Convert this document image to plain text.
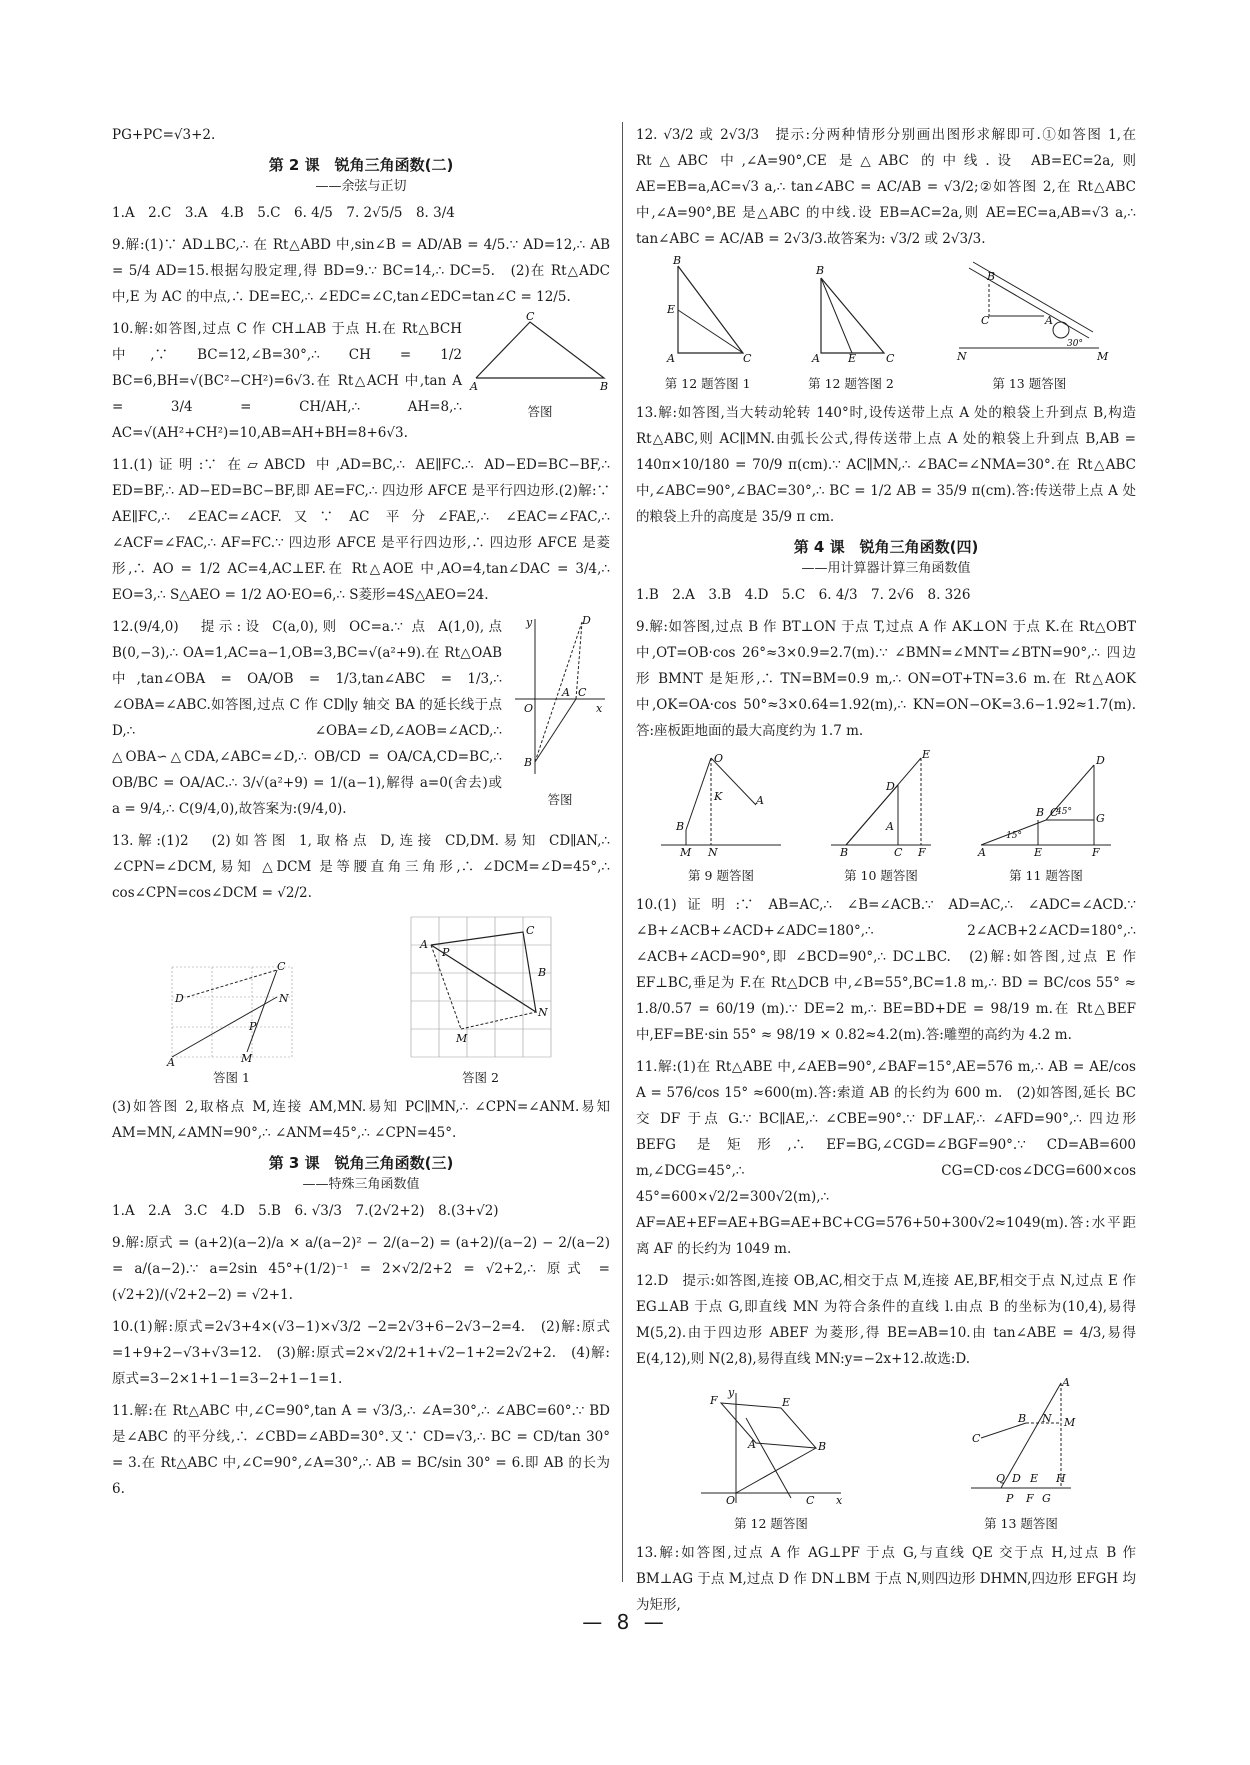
PG+PC=√3+2.

第 2 课　锐角三角函数(二)
——余弦与正切

1.A　2.C　3.A　4.B　5.C　6. 4/5　7. 2√5/5　8. 3/4

9.解:(1)∵ AD⊥BC,∴ 在 Rt△ABD 中,sin∠B = AD/AB = 4/5.∵ AD=12,∴ AB = 5/4 AD=15.根据勾股定理,得 BD=9.∵ BC=14,∴ DC=5.　(2)在 Rt△ADC 中,E 为 AC 的中点,∴ DE=EC,∴ ∠EDC=∠C,tan∠EDC=tan∠C = 12/5.

A
C
B
答图

10.解:如答图,过点 C 作 CH⊥AB 于点 H.在 Rt△BCH 中,∵ BC=12,∠B=30°,∴ CH = 1/2 BC=6,BH=√(BC²−CH²)=6√3.在 Rt△ACH 中,tan A = 3/4 = CH/AH,∴ AH=8,∴ AC=√(AH²+CH²)=10,AB=AH+BH=8+6√3.

11.(1)证明:∵ 在▱ABCD 中,AD=BC,∴ AE∥FC.∴ AD−ED=BC−BF,∴ ED=BF,∴ AD−ED=BC−BF,即 AE=FC,∴ 四边形 AFCE 是平行四边形.(2)解:∵ AE∥FC,∴ ∠EAC=∠ACF.又∵ AC 平分∠FAE,∴ ∠EAC=∠FAC,∴ ∠ACF=∠FAC,∴ AF=FC.∵ 四边形 AFCE 是平行四边形,∴ 四边形 AFCE 是菱形,∴ AO = 1/2 AC=4,AC⊥EF.在 Rt△AOE 中,AO=4,tan∠DAC = 3/4,∴ EO=3,∴ S△AEO = 1/2 AO·EO=6,∴ S菱形=4S△AEO=24.

D
O
A C
x
y
B
答图

12.(9/4,0)　提示:设 C(a,0),则 OC=a.∵ 点 A(1,0),点 B(0,−3),∴ OA=1,AC=a−1,OB=3,BC=√(a²+9).在 Rt△OAB 中,tan∠OBA = OA/OB = 1/3,tan∠ABC = 1/3,∴ ∠OBA=∠ABC.如答图,过点 C 作 CD∥y 轴交 BA 的延长线于点 D,∴ ∠OBA=∠D,∠AOB=∠ACD,∴ △OBA∽△CDA,∠ABC=∠D,∴ OB/CD = OA/CA,CD=BC,∴ OB/BC = OA/AC.∴ 3/√(a²+9) = 1/(a−1),解得 a=0(舍去)或 a = 9/4,∴ C(9/4,0),故答案为:(9/4,0).

13.解:(1)2　(2)如答图 1,取格点 D,连接 CD,DM.易知 CD∥AN,∴ ∠CPN=∠DCM,易知 △DCM 是等腰直角三角形,∴ ∠DCM=∠D=45°,∴ cos∠CPN=cos∠DCM = √2/2.

A
C
D	N
P
M
答图 1
A
C
B
N
P
M
答图 2

(3)如答图 2,取格点 M,连接 AM,MN.易知 PC∥MN,∴ ∠CPN=∠ANM.易知 AM=MN,∠AMN=90°,∴ ∠ANM=45°,∴ ∠CPN=45°.

第 3 课　锐角三角函数(三)
——特殊三角函数值

1.A　2.A　3.C　4.D　5.B　6. √3/3　7.(2√2+2)　8.(3+√2)

9.解:原式 = (a+2)(a−2)/a × a/(a−2)² − 2/(a−2) = (a+2)/(a−2) − 2/(a−2) = a/(a−2).∵ a=2sin 45°+(1/2)⁻¹ = 2×√2/2+2 = √2+2,∴ 原式 = (√2+2)/(√2+2−2) = √2+1.

10.(1)解:原式=2√3+4×(√3−1)×√3/2 −2=2√3+6−2√3−2=4.　(2)解:原式=1+9+2−√3+√3=12.　(3)解:原式=2×√2/2+1+√2−1+2=2√2+2.　(4)解:原式=3−2×1+1−1=3−2+1−1=1.

11.解:在 Rt△ABC 中,∠C=90°,tan A = √3/3,∴ ∠A=30°,∴ ∠ABC=60°.∵ BD 是∠ABC 的平分线,∴ ∠CBD=∠ABD=30°.又∵ CD=√3,∴ BC = CD/tan 30° = 3.在 Rt△ABC 中,∠C=90°,∠A=30°,∴ AB = BC/sin 30° = 6.即 AB 的长为 6.

12. √3/2 或 2√3/3　提示:分两种情形分别画出图形求解即可.①如答图 1,在 Rt△ABC 中,∠A=90°,CE 是△ABC 的中线.设 AB=EC=2a,则 AE=EB=a,AC=√3 a,∴ tan∠ABC = AC/AB = √3/2;②如答图 2,在 Rt△ABC 中,∠A=90°,BE 是△ABC 的中线.设 EB=AC=2a,则 AE=EC=a,AB=√3 a,∴ tan∠ABC = AC/AB = 2√3/3.故答案为: √3/2 或 2√3/3.

B
E
A	C
第 12 题答图 1
B
A	E	C
第 12 题答图 2
B
C	A
N	M
30°
第 13 题答图

13.解:如答图,当大转动轮转 140°时,设传送带上点 A 处的粮袋上升到点 B,构造 Rt△ABC,则 AC∥MN.由弧长公式,得传送带上点 A 处的粮袋上升到点 B,AB = 140π×10/180 = 70/9 π(cm).∵ AC∥MN,∴ ∠BAC=∠NMA=30°.在 Rt△ABC 中,∠ABC=90°,∠BAC=30°,∴ BC = 1/2 AB = 35/9 π(cm).答:传送带上点 A 处的粮袋上升的高度是 35/9 π cm.

第 4 课　锐角三角函数(四)
——用计算器计算三角函数值

1.B　2.A　3.B　4.D　5.C　6. 4/3　7. 2√6　8. 326

9.解:如答图,过点 B 作 BT⊥ON 于点 T,过点 A 作 AK⊥ON 于点 K.在 Rt△OBT 中,OT=OB·cos 26°≈3×0.9=2.7(m).∵ ∠BMN=∠MNT=∠BTN=90°,∴ 四边形 BMNT 是矩形,∴ TN=BM=0.9 m,∴ ON=OT+TN=3.6 m.在 Rt△AOK 中,OK=OA·cos 50°≈3×0.64=1.92(m),∴ KN=ON−OK=3.6−1.92≈1.7(m).答:座板距地面的最大高度约为 1.7 m.

O
B
A
M N
K
第 9 题答图
E
D
A
B	C F
第 10 题答图
A
B C
D
G
E	F
15°
45°
第 11 题答图

10.(1)证明:∵ AB=AC,∴ ∠B=∠ACB.∵ AD=AC,∴ ∠ADC=∠ACD.∵ ∠B+∠ACB+∠ACD+∠ADC=180°,∴ 2∠ACB+2∠ACD=180°,∴ ∠ACB+∠ACD=90°,即 ∠BCD=90°,∴ DC⊥BC.　(2)解:如答图,过点 E 作 EF⊥BC,垂足为 F.在 Rt△DCB 中,∠B=55°,BC=1.8 m,∴ BD = BC/cos 55° ≈ 1.8/0.57 = 60/19 (m).∵ DE=2 m,∴ BE=BD+DE = 98/19 m.在 Rt△BEF 中,EF=BE·sin 55° ≈ 98/19 × 0.82≈4.2(m).答:雕塑的高约为 4.2 m.

11.解:(1)在 Rt△ABE 中,∠AEB=90°,∠BAF=15°,AE=576 m,∴ AB = AE/cos A = 576/cos 15° ≈600(m).答:索道 AB 的长约为 600 m.　(2)如答图,延长 BC 交 DF 于点 G.∵ BC∥AE,∴ ∠CBE=90°.∵ DF⊥AF,∴ ∠AFD=90°,∴ 四边形 BEFG 是矩形,∴ EF=BG,∠CGD=∠BGF=90°.∵ CD=AB=600 m,∠DCG=45°,∴ CG=CD·cos∠DCG=600×cos 45°=600×√2/2=300√2(m),∴ AF=AE+EF=AE+BG=AE+BC+CG=576+50+300√2≈1049(m).答:水平距离 AF 的长约为 1049 m.

12.D　提示:如答图,连接 OB,AC,相交于点 M,连接 AE,BF,相交于点 N,过点 E 作 EG⊥AB 于点 G,即直线 MN 为符合条件的直线 l.由点 B 的坐标为(10,4),易得 M(5,2).由于四边形 ABEF 为菱形,得 BE=AB=10.由 tan∠ABE = 4/3,易得 E(4,12),则 N(2,8),易得直线 MN:y=−2x+12.故选:D.

F	E
B
A
O	C x
y
第 12 题答图
A
B
C
N M
Q D E H
P F G
第 13 题答图

13.解:如答图,过点 A 作 AG⊥PF 于点 G,与直线 QE 交于点 H,过点 B 作 BM⊥AG 于点 M,过点 D 作 DN⊥BM 于点 N,则四边形 DHMN,四边形 EFGH 均为矩形,

— 8 —
